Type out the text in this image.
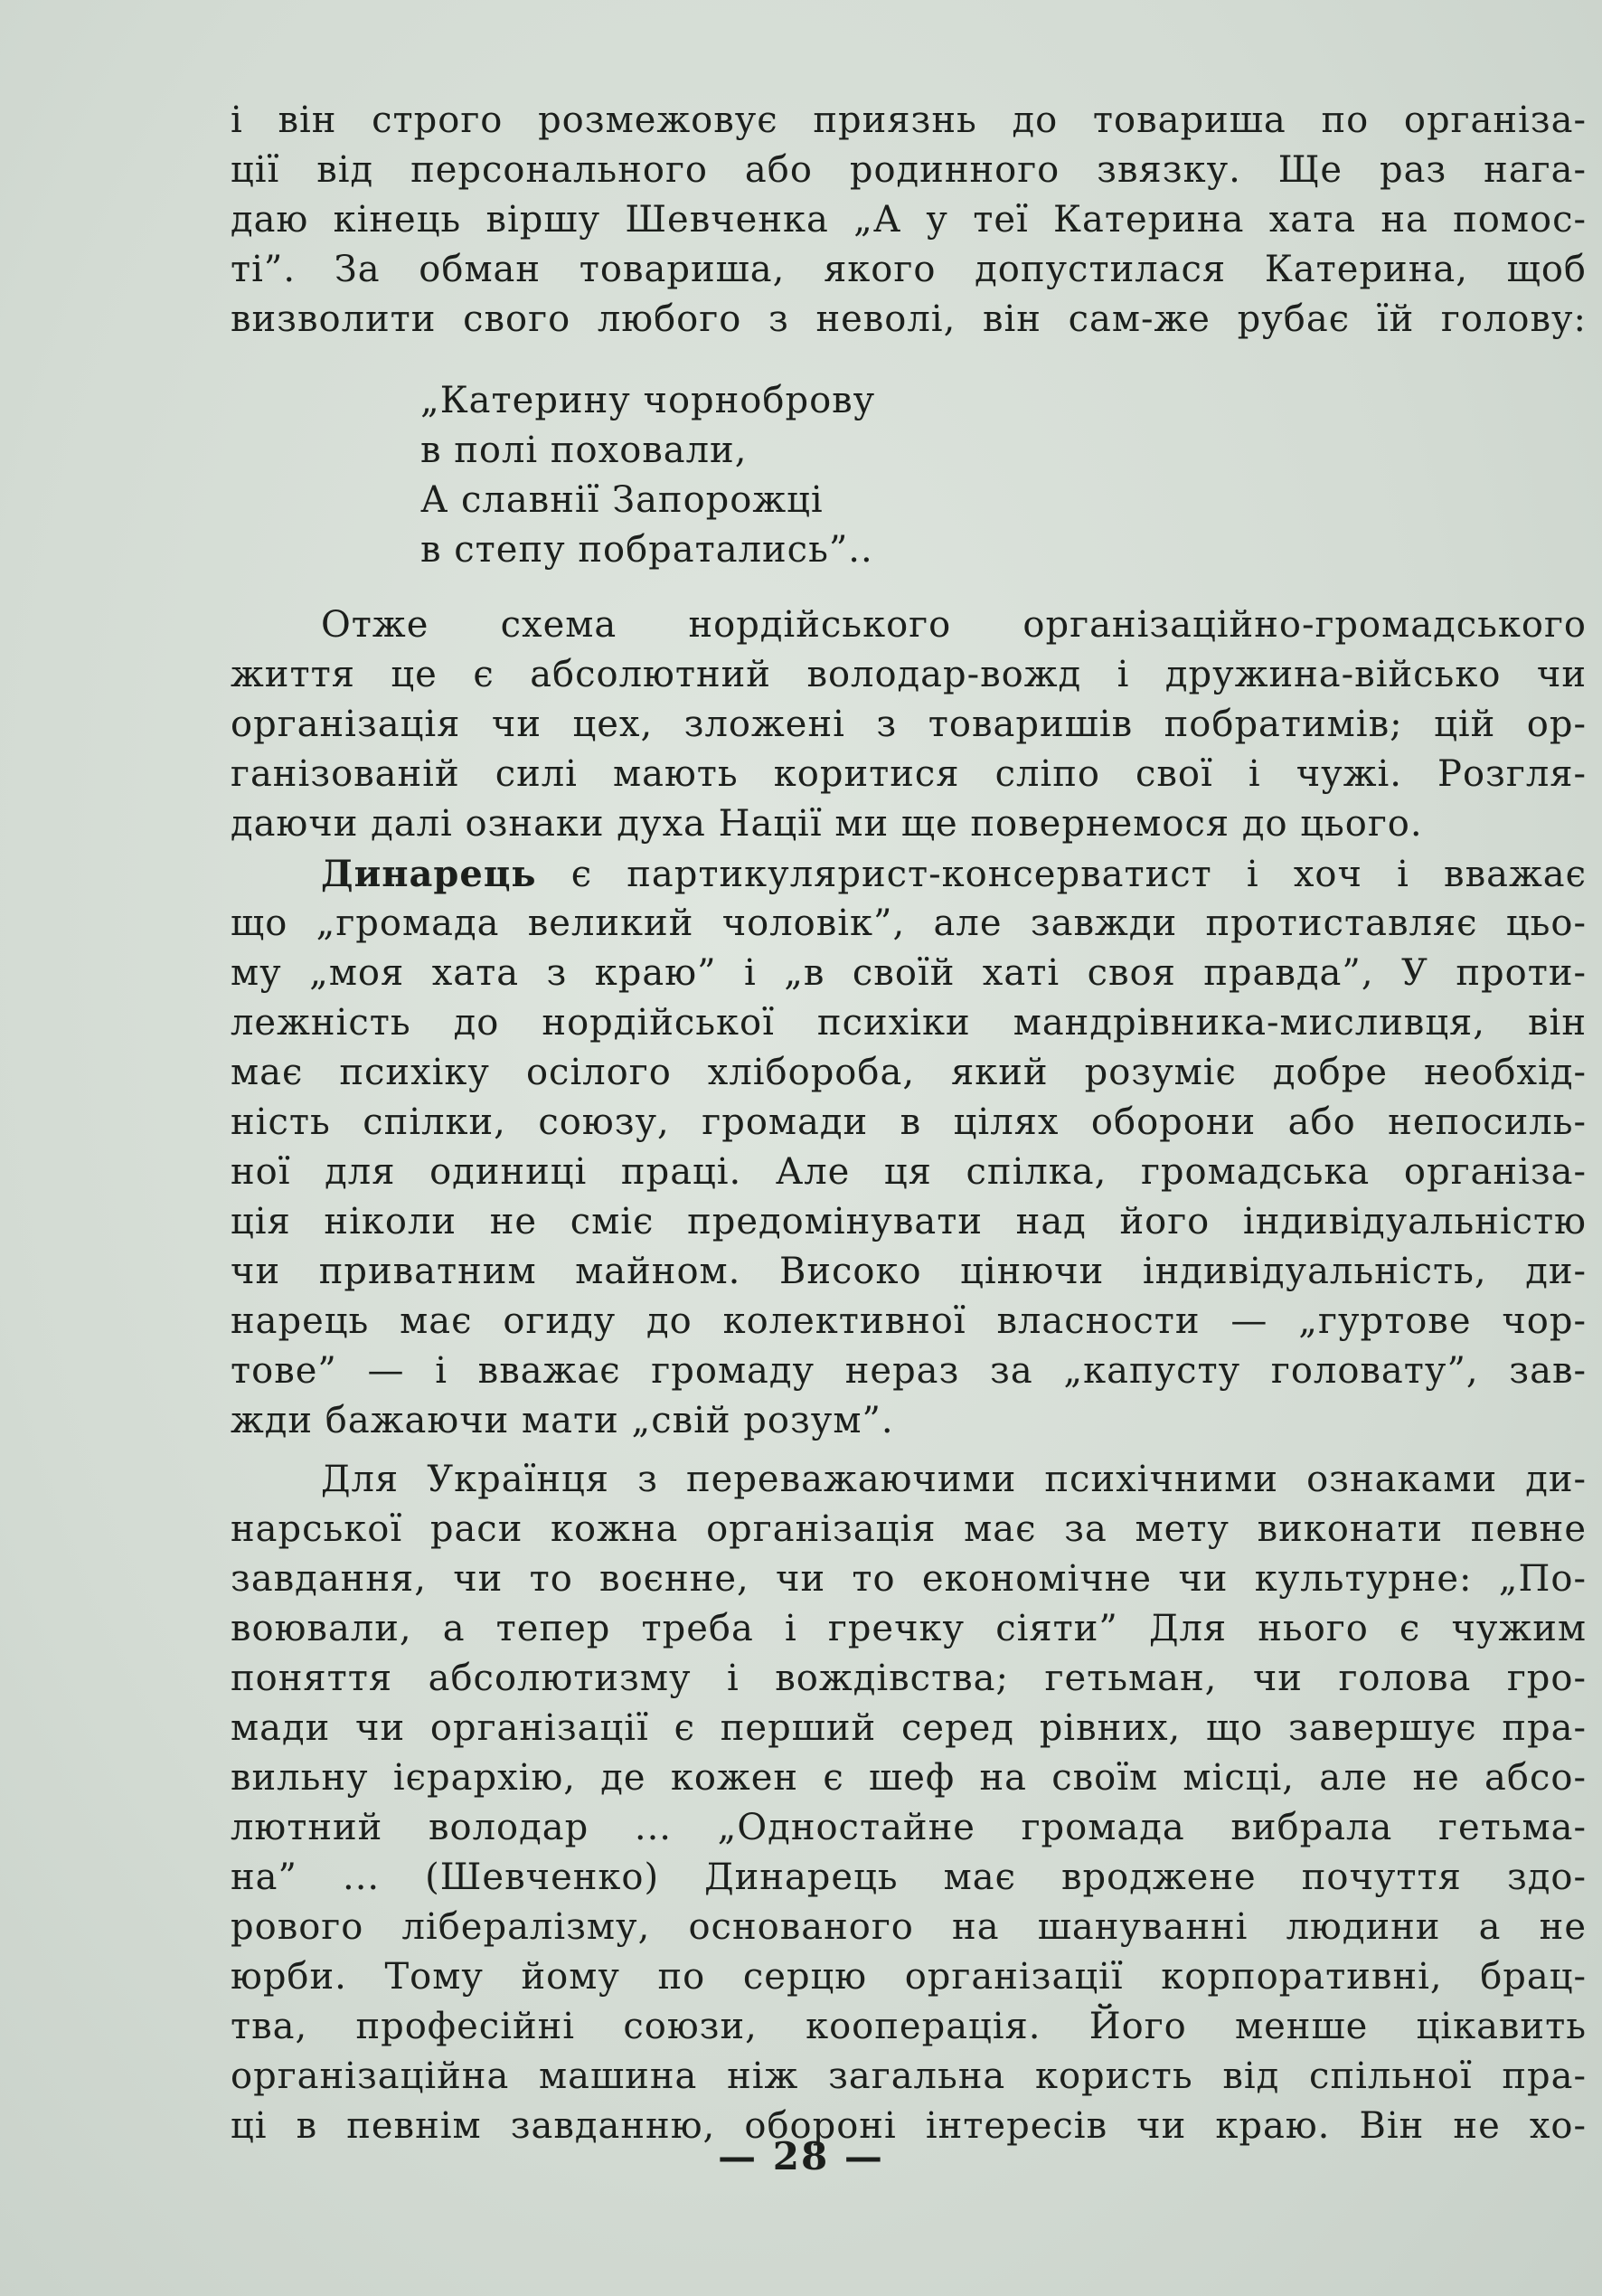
і він строго розмежовує приязнь до товариша по організа-
ції від персонального або родинного звязку. Ще раз нага-
даю кінець віршу Шевченка „А у теї Катерина хата на помос-
ті”. За обман товариша, якого допустилася Катерина, щоб
визволити свого любого з неволі, він сам-же рубає їй голову:
„Катерину чорноброву
в полі поховали,
А славнії Запорожці
в степу побратались”..
Отже схема нордійського організаційно-громадського
життя це є абсолютний володар-вожд і дружина-військо чи
організація чи цех, зложені з товаришів побратимів; цій ор-
ганізованій силі мають коритися сліпо свої і чужі. Розгля-
даючи далі ознаки духа Нації ми ще повернемося до цього.
Динарець є партикулярист-консерватист і хоч і вважає
що „громада великий чоловік”, але завжди протиставляє цьо-
му „моя хата з краю” і „в своїй хаті своя правда”, У проти-
лежність до нордійської психіки мандрівника-мисливця, він
має психіку осілого хлібороба, який розуміє добре необхід-
ність спілки, союзу, громади в цілях оборони або непосиль-
ної для одиниці праці. Але ця спілка, громадська організа-
ція ніколи не сміє предомінувати над його індивідуальністю
чи приватним майном. Високо цінючи індивідуальність, ди-
нарець має огиду до колективної власности — „гуртове чор-
тове” — і вважає громаду нераз за „капусту головату”, зав-
жди бажаючи мати „свій розум”.
Для Українця з переважаючими психічними ознаками ди-
нарської раси кожна організація має за мету виконати певне
завдання, чи то воєнне, чи то економічне чи культурне: „По-
воювали, а тепер треба і гречку сіяти” Для нього є чужим
поняття абсолютизму і вождівства; гетьман, чи голова гро-
мади чи організації є перший серед рівних, що завершує пра-
вильну ієрархію, де кожен є шеф на своїм місці, але не абсо-
лютний володар ... „Одностайне громада вибрала гетьма-
на” ... (Шевченко) Динарець має вроджене почуття здо-
рового лібералізму, основаного на шануванні людини а не
юрби. Тому йому по серцю організації корпоративні, брац-
тва, професійні союзи, кооперація. Його менше цікавить
організаційна машина ніж загальна користь від спільної пра-
ці в певнім завданню, обороні інтересів чи краю. Він не хо-
— 28 —
